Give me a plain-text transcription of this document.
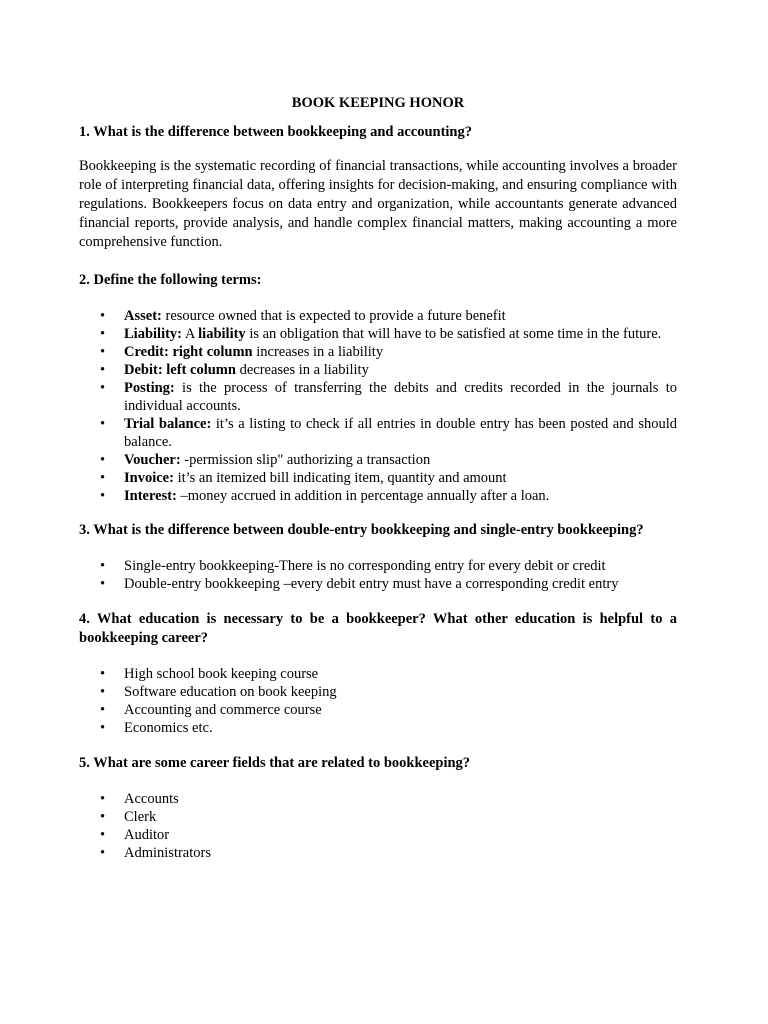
BOOK KEEPING HONOR

1. What is the difference between bookkeeping and accounting?

Bookkeeping is the systematic recording of financial transactions, while accounting involves a broader role of interpreting financial data, offering insights for decision-making, and ensuring compliance with regulations. Bookkeepers focus on data entry and organization, while accountants generate advanced financial reports, provide analysis, and handle complex financial matters, making accounting a more comprehensive function.

2. Define the following terms:

• Asset: resource owned that is expected to provide a future benefit
• Liability: A liability is an obligation that will have to be satisfied at some time in the future.
• Credit: right column increases in a liability
• Debit: left column decreases in a liability
• Posting: is the process of transferring the debits and credits recorded in the journals to individual accounts.
• Trial balance: it’s a listing to check if all entries in double entry has been posted and should balance.
• Voucher: -permission slip" authorizing a transaction
• Invoice: it’s an itemized bill indicating item, quantity and amount
• Interest: –money accrued in addition in percentage annually after a loan.

3. What is the difference between double-entry bookkeeping and single-entry bookkeeping?

• Single-entry bookkeeping-There is no corresponding entry for every debit or credit
• Double-entry bookkeeping –every debit entry must have a corresponding credit entry

4. What education is necessary to be a bookkeeper? What other education is helpful to a bookkeeping career?

• High school book keeping course
• Software education on book keeping
• Accounting and commerce course
• Economics etc.

5. What are some career fields that are related to bookkeeping?

• Accounts
• Clerk
• Auditor
• Administrators
